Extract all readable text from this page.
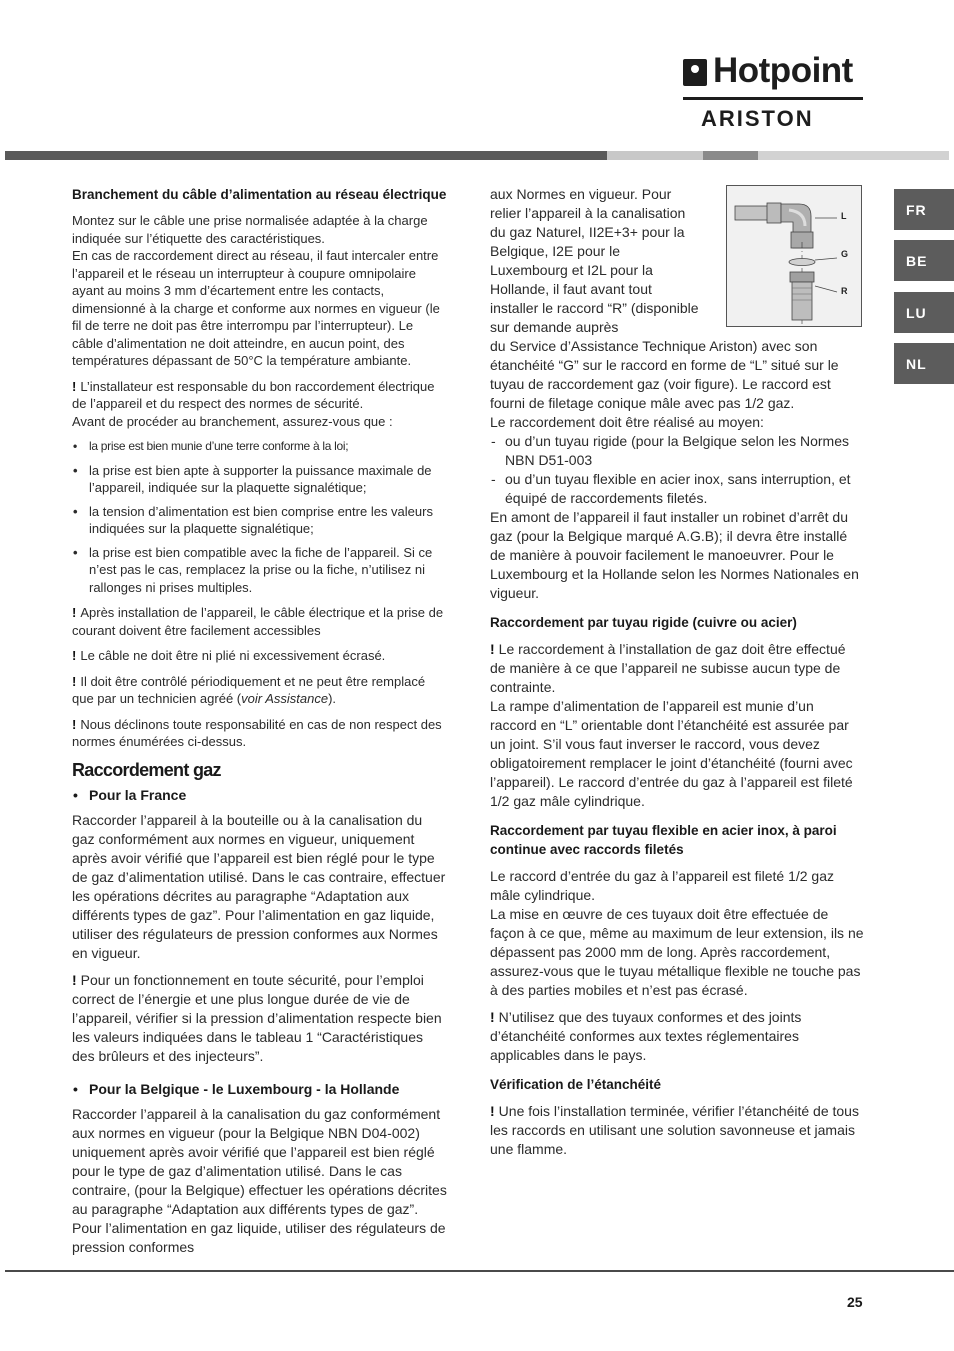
Hotpoint
ARISTON
FR
BE
LU
NL

Branchement du câble d’alimentation au réseau électrique

Montez sur le câble une prise normalisée adaptée à la charge indiquée sur l’étiquette des caractéristiques.

En cas de raccordement direct au réseau, il faut intercaler entre l’appareil et le réseau un interrupteur à coupure omnipolaire ayant au moins 3 mm d’écartement entre les contacts, dimensionné à la charge et conforme aux normes en vigueur (le fil de terre ne doit pas être interrompu par l’interrupteur). Le câble d’alimentation ne doit atteindre, en aucun point, des températures dépassant de 50°C la température ambiante.

! L’installateur est responsable du bon raccordement électrique de l’appareil et du respect des normes de sécurité.

Avant de procéder au branchement, assurez-vous que :

• la prise est bien munie d’une terre conforme à la loi;
• la prise est bien apte à supporter la puissance maximale de l’appareil, indiquée sur la plaquette signalétique;
• la tension d’alimentation est bien comprise entre les valeurs indiquées sur la plaquette signalétique;
• la prise est bien compatible avec la fiche de l’appareil. Si ce n’est pas le cas, remplacez la prise ou la fiche, n’utilisez ni rallonges ni prises multiples.

! Après installation de l’appareil, le câble électrique et la prise de courant doivent être facilement accessibles

! Le câble ne doit être ni plié ni excessivement écrasé.

! Il doit être contrôlé périodiquement et ne peut être remplacé que par un technicien agréé (voir Assistance).

! Nous déclinons toute responsabilité en cas de non respect des normes énumérées ci-dessus.

Raccordement gaz
• Pour la France

Raccorder l’appareil à la bouteille ou à la canalisation du gaz conformément aux normes en vigueur, uniquement après avoir vérifié que l’appareil est bien réglé pour le type de gaz d’alimentation utilisé. Dans le cas contraire, effectuer les opérations décrites au paragraphe “Adaptation aux différents types de gaz”. Pour l’alimentation en gaz liquide, utiliser des régulateurs de pression conformes aux Normes en vigueur.

! Pour un fonctionnement en toute sécurité, pour l’emploi correct de l’énergie et une plus longue durée de vie de l’appareil, vérifier si la pression d’alimentation respecte bien les valeurs indiquées dans le tableau 1 “Caractéristiques des brûleurs et des injecteurs”.

• Pour la Belgique - le Luxembourg - la Hollande

Raccorder l’appareil à la canalisation du gaz conformément aux normes en vigueur (pour la Belgique NBN D04-002) uniquement après avoir vérifié que l’appareil est bien réglé pour le type de gaz d’alimentation utilisé. Dans le cas contraire, (pour la Belgique) effectuer les opérations décrites au paragraphe “Adaptation aux différents types de gaz”. Pour l’alimentation en gaz liquide, utiliser des régulateurs de pression conformes

L
G
R

aux Normes en vigueur. Pour relier l’appareil à la canalisation du gaz Naturel, II2E+3+ pour la Belgique, I2E pour le Luxembourg et I2L pour la Hollande, il faut avant tout installer le raccord “R” (disponible sur demande auprès

du Service d’Assistance Technique Ariston) avec son étanchéité “G” sur le raccord en forme de “L” situé sur le tuyau de raccordement gaz (voir figure). Le raccord est fourni de filetage conique mâle avec pas 1/2 gaz.

Le raccordement doit être réalisé au moyen:

- ou d’un tuyau rigide (pour la Belgique selon les Normes NBN D51-003
- ou d’un tuyau flexible en acier inox, sans interruption, et équipé de raccordements filetés.

En amont de l’appareil il faut installer un robinet d’arrêt du gaz (pour la Belgique marqué A.G.B); il devra être installé de manière à pouvoir facilement le manoeuvrer. Pour le Luxembourg et la Hollande selon les Normes Nationales en vigueur.

Raccordement par tuyau rigide (cuivre ou acier)

! Le raccordement à l’installation de gaz doit être effectué de manière à ce que l’appareil ne subisse aucun type de contrainte.

La rampe d’alimentation de l’appareil est munie d’un raccord en “L” orientable dont l’étanchéité est assurée par un joint. S’il vous faut inverser le raccord, vous devez obligatoirement remplacer le joint d’étanchéité (fourni avec l’appareil). Le raccord d’entrée du gaz à l’appareil est fileté 1/2 gaz mâle cylindrique.

Raccordement par tuyau flexible en acier inox, à paroi continue avec raccords filetés

Le raccord d’entrée du gaz à l’appareil est fileté 1/2 gaz mâle cylindrique.

La mise en œuvre de ces tuyaux doit être effectuée de façon à ce que, même au maximum de leur extension, ils ne dépassent pas 2000 mm de long. Après raccordement, assurez-vous que le tuyau métallique flexible ne touche pas à des parties mobiles et n’est pas écrasé.

! N’utilisez que des tuyaux conformes et des joints d’étanchéité conformes aux textes réglementaires applicables dans le pays.

Vérification de l’étanchéité

! Une fois l’installation terminée, vérifier l’étanchéité de tous les raccords en utilisant une solution savonneuse et jamais une flamme.

25
